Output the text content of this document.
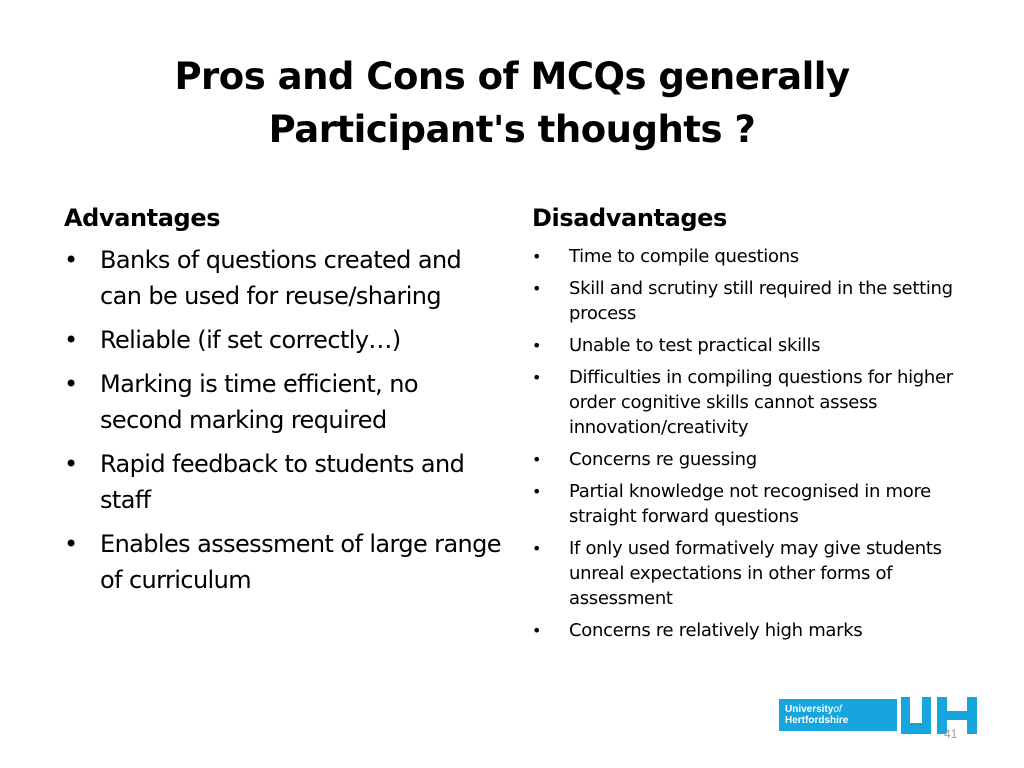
Pros and Cons of MCQs generally
Participant's thoughts ?
Advantages
• Banks of questions created and can be used for reuse/sharing
• Reliable (if set correctly…)
• Marking is time efficient, no second marking required
• Rapid feedback to students and staff
• Enables assessment of large range of curriculum
Disadvantages
•	Time to compile questions
•	Skill and scrutiny still required in the setting process
•	Unable to test practical skills
•	Difficulties in compiling questions for higher order cognitive skills cannot assess innovation/creativity
•	Concerns re guessing
•	Partial knowledge not recognised in more straight forward questions
•	If only used formatively may give students unreal expectations in other forms of assessment
•	Concerns re relatively high marks
Universityof
Hertfordshire
41
